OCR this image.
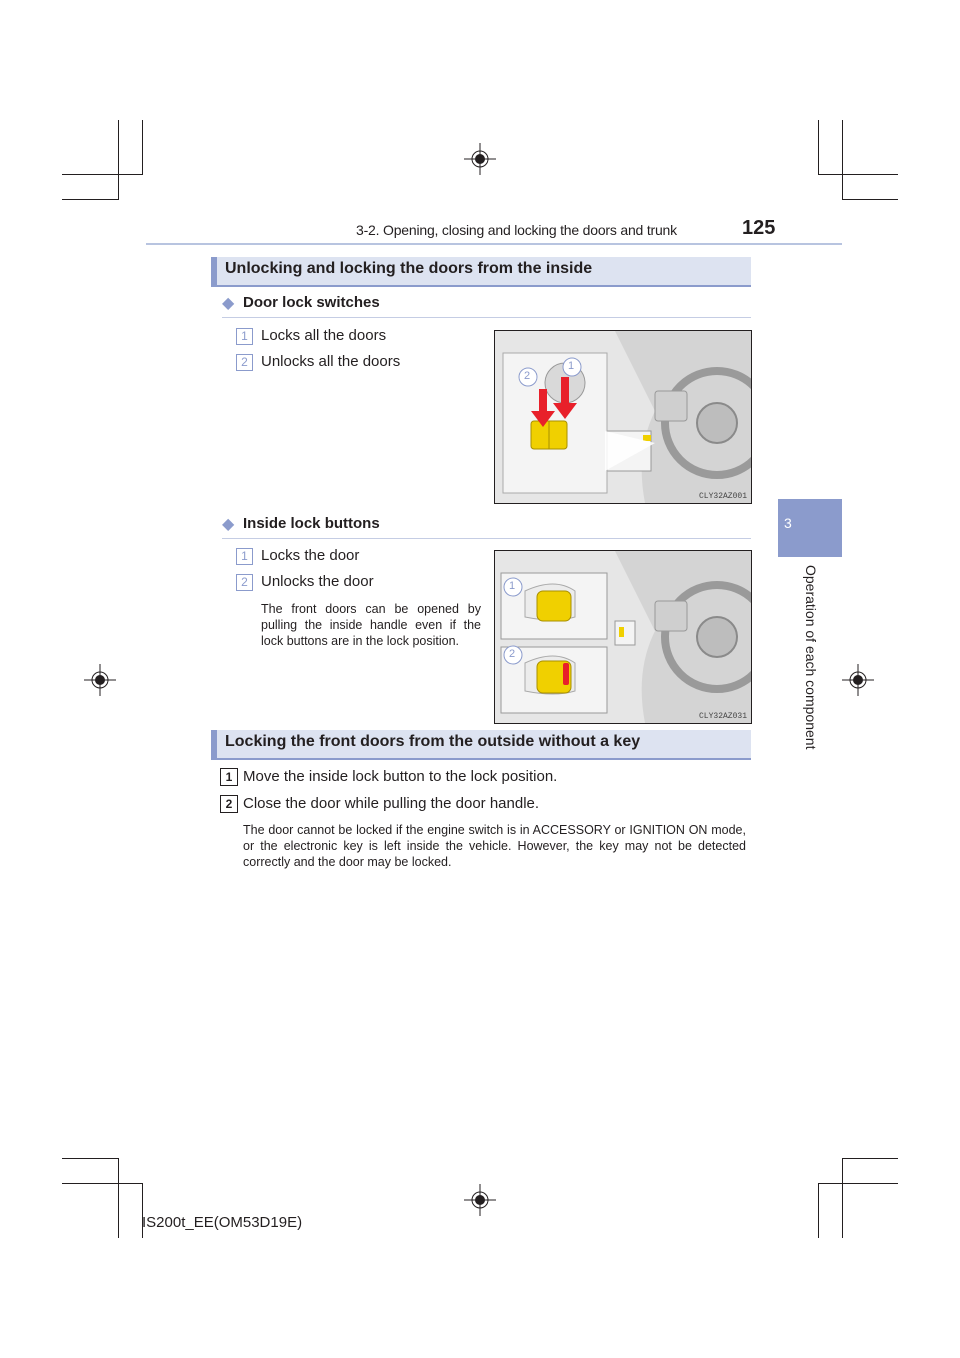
3-2. Opening, closing and locking the doors and trunk	125
3
Operation of each component
Unlocking and locking the doors from the inside
◆ Door lock switches
1 Locks all the doors
2 Unlocks all the doors
2
1
CLY32AZ001
◆ Inside lock buttons
1 Locks the door
2 Unlocks the door
The front doors can be opened by pulling the inside handle even if the lock buttons are in the lock position.
1
2
CLY32AZ031
Locking the front doors from the outside without a key
1 Move the inside lock button to the lock position.
2 Close the door while pulling the door handle.
The door cannot be locked if the engine switch is in ACCESSORY or IGNITION ON mode, or the electronic key is left inside the vehicle. However, the key may not be detected correctly and the door may be locked.
IS200t_EE(OM53D19E)
